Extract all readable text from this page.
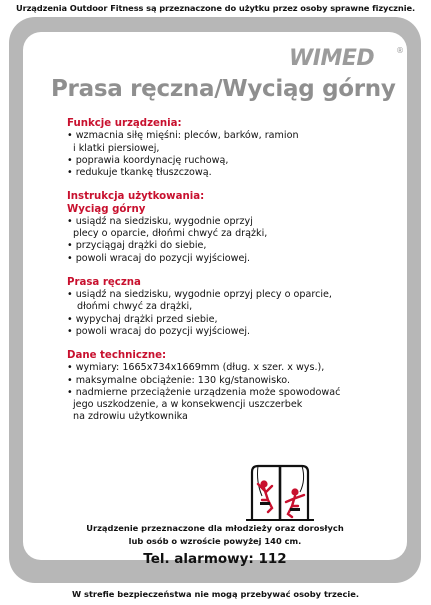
Urządzenia Outdoor Fitness są przeznaczone do użytku przez osoby sprawne fizycznie.
WIMED	®
Prasa ręczna/Wyciąg górny
Funkcje urządzenia:
• wzmacnia siłę mięśni: pleców, barków, ramion
i klatki piersiowej,
• poprawia koordynację ruchową,
• redukuje tkankę tłuszczową.
Instrukcja użytkowania:
Wyciąg górny
• usiądź na siedzisku, wygodnie oprzyj
plecy o oparcie, dłońmi chwyć za drążki,
• przyciągaj drążki do siebie,
• powoli wracaj do pozycji wyjściowej.
Prasa ręczna
• usiądź na siedzisku, wygodnie oprzyj plecy o oparcie,
dłońmi chwyć za drążki,
• wypychaj drążki przed siebie,
• powoli wracaj do pozycji wyjściowej.
Dane techniczne:
• wymiary: 1665x734x1669mm (dług. x szer. x wys.),
• maksymalne obciążenie: 130 kg/stanowisko.
• nadmierne przeciążenie urządzenia może spowodować
jego uszkodzenie, a w konsekwencji uszczerbek
na zdrowiu użytkownika
Urządzenie przeznaczone dla młodzieży oraz dorosłych
lub osób o wzroście powyżej 140 cm.
Tel. alarmowy: 112
W strefie bezpieczeństwa nie mogą przebywać osoby trzecie.
